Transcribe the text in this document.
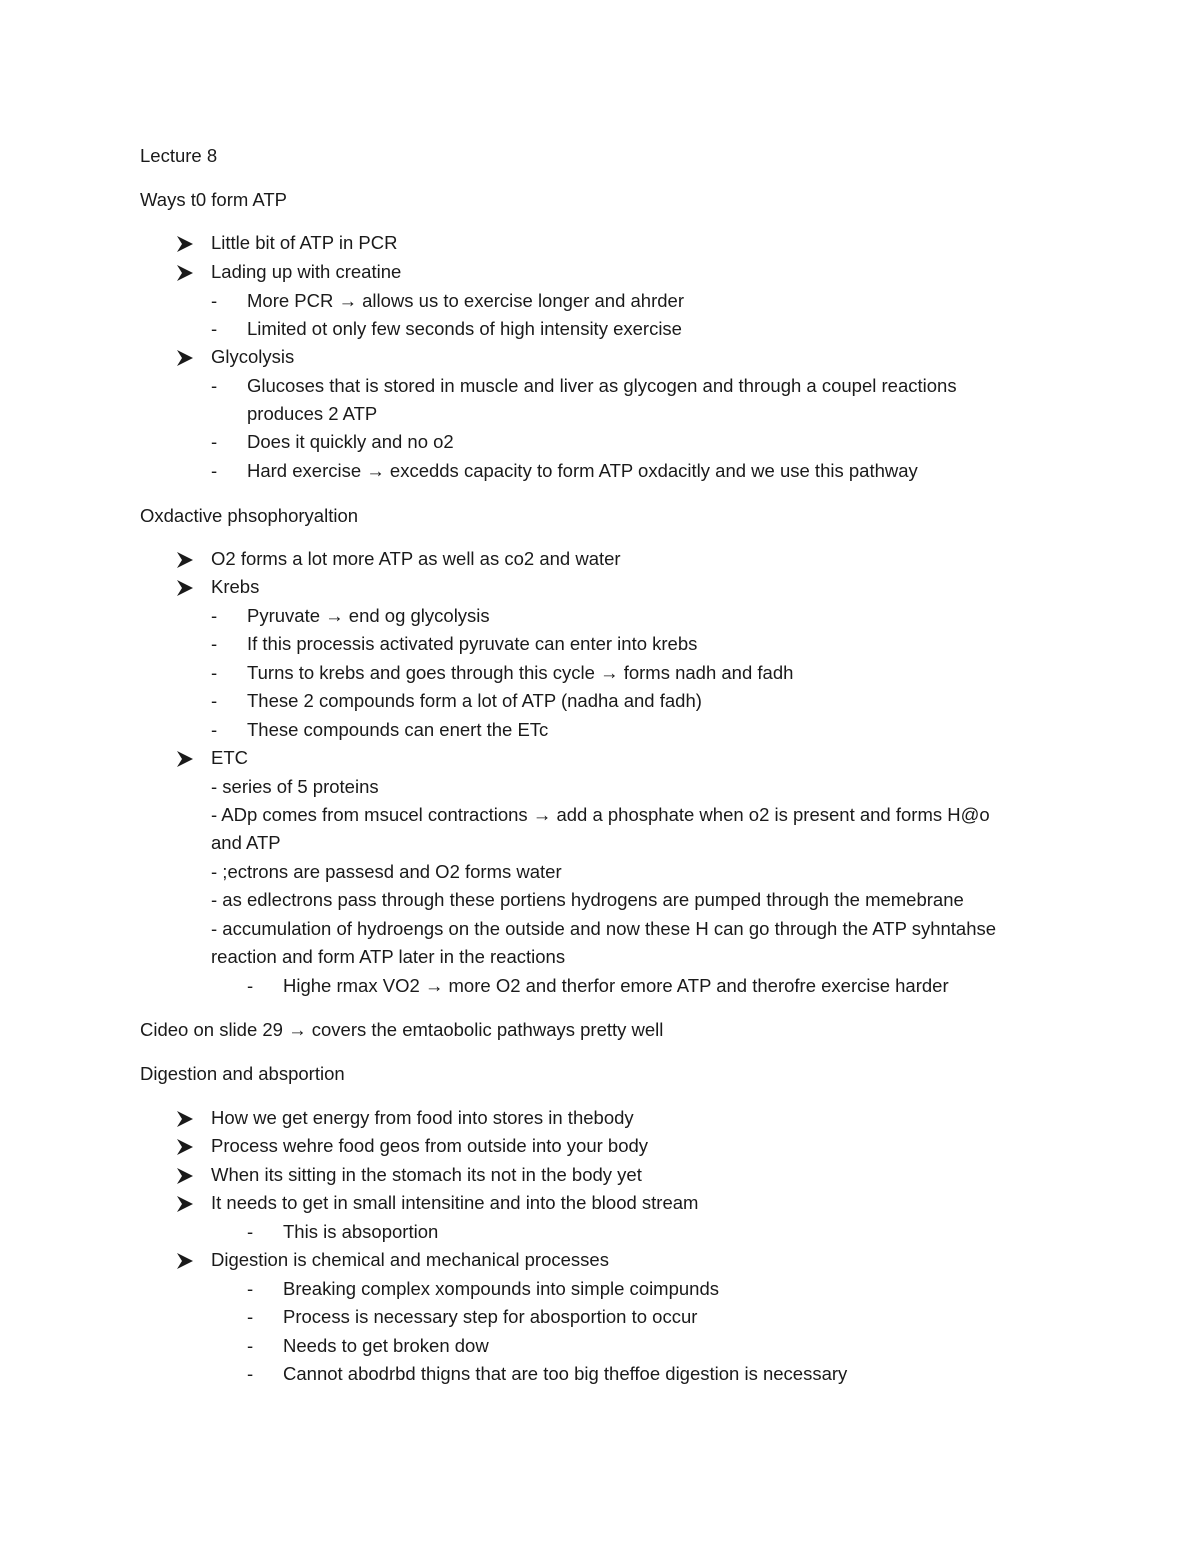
Lecture 8
Ways t0 form ATP
Little bit of ATP in PCR
Lading up with creatine
- More PCR → allows us to exercise longer and ahrder
- Limited ot only few seconds of high intensity exercise
Glycolysis
- Glucoses that is stored in muscle and liver as glycogen and through a coupel reactions
produces 2 ATP
- Does it quickly and no o2
- Hard exercise → excedds capacity to form ATP oxdacitly and we use this pathway
Oxdactive phsophoryaltion
O2 forms a lot more ATP as well as co2 and water
Krebs
- Pyruvate → end og glycolysis
- If this processis activated pyruvate can enter into krebs
- Turns to krebs and goes through this cycle → forms nadh and fadh
- These 2 compounds form a lot of ATP (nadha and fadh)
- These compounds can enert the ETc
ETC
- series of 5 proteins
- ADp comes from msucel contractions → add a phosphate when o2 is present and forms H@o
and ATP
- ;ectrons are passesd and O2 forms water
- as edlectrons pass through these portiens hydrogens are pumped through the memebrane
- accumulation of hydroengs on the outside and now these H can go through the ATP syhntahse
reaction and form ATP later in the reactions
- Highe rmax VO2 → more O2 and therfor emore ATP and therofre exercise harder
Cideo on slide 29 → covers the emtaobolic pathways pretty well
Digestion and absportion
How we get energy from food into stores in thebody
Process wehre food geos from outside into your body
When its sitting in the stomach its not in the body yet
It needs to get in small intensitine and into the blood stream
- This is absoportion
Digestion is chemical and mechanical processes
- Breaking complex xompounds into simple coimpunds
- Process is necessary step for abosportion to occur
- Needs to get broken dow
- Cannot abodrbd thigns that are too big theffoe digestion is necessary
